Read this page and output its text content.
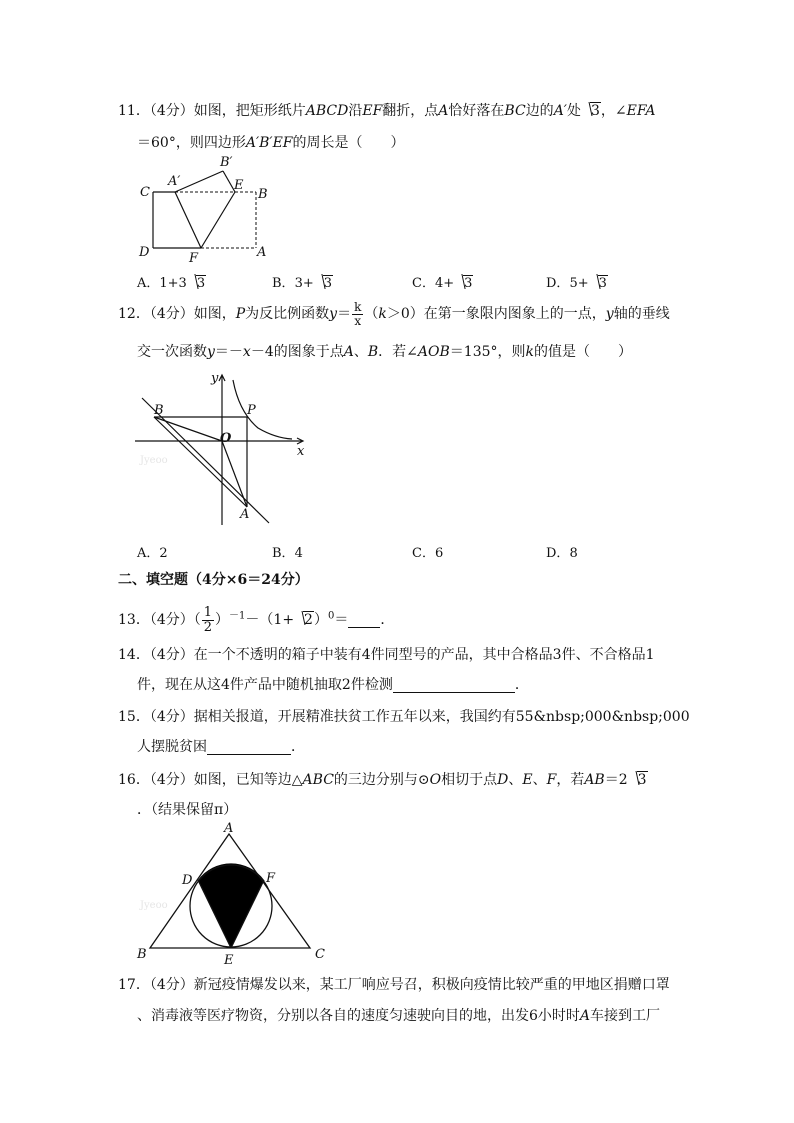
11．（4分）如图，把矩形纸片ABCD沿EF翻折，点A恰好落在BC边的A′处 3，∠EFA
＝60°，则四边形A′B′EF的周长是（　　）
C
A′
B′
E
B
D	F	A
A．1+3 3	B．3+ 3	C．4+ 3	D．5+ 3
12．（4分）如图，P为反比例函数$y= \frac{k}{x} (k>0)$在第一象限内图象上的一点，y轴的垂线
交一次函数y＝－x－4的图象于点A、B．若∠AOB＝135°，则k的值是（　　）
y
B	P
O
x
A
Jyeoo
A．2	B．4	C．6	D．8
二、填空题（4分×6＝24分）
13．（4分）（ $\frac{1}{2} )^{-1}-(1+ 2)^0=$ ．
14．（4分）在一个不透明的箱子中装有4件同型号的产品，其中合格品3件、不合格品1
件，现在从这4件产品中随机抽取2件检测	．
15．（4分）据相关报道，开展精准扶贫工作五年以来，我国约有55&nbsp;000&nbsp;000
人摆脱贫困	．
16．（4分）如图，已知等边△ABC的三边分别与⊙O相切于点D、E、F，若AB＝2 3
．（结果保留π）
A
D	F
B	E	C
Jyeoo
17．（4分）新冠疫情爆发以来，某工厂响应号召，积极向疫情比较严重的甲地区捐赠口罩
、消毒液等医疗物资，分别以各自的速度匀速驶向目的地，出发6小时时A车接到工厂
